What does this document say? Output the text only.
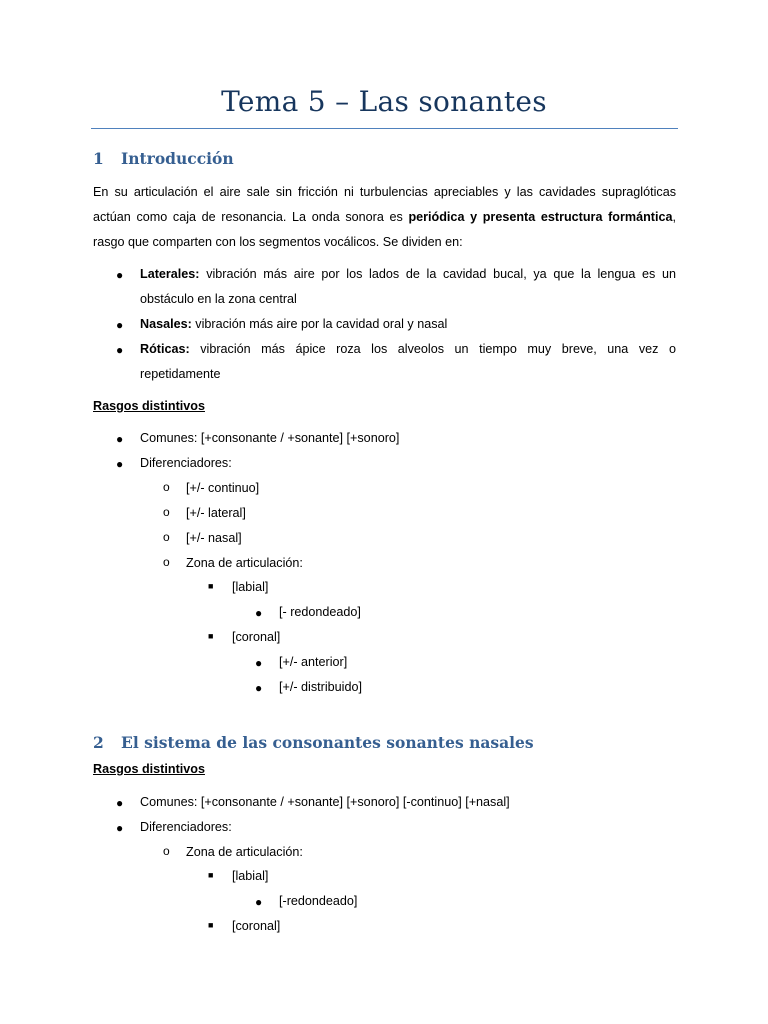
Tema 5 – Las sonantes
1 Introducción
En su articulación el aire sale sin fricción ni turbulencias apreciables y las cavidades supraglóticas
actúan como caja de resonancia. La onda sonora es periódica y presenta estructura formántica,
rasgo que comparten con los segmentos vocálicos. Se dividen en:
● Laterales: vibración más aire por los lados de la cavidad bucal, ya que la lengua es un
obstáculo en la zona central
● Nasales: vibración más aire por la cavidad oral y nasal
● Róticas: vibración más ápice roza los alveolos un tiempo muy breve, una vez o
repetidamente
Rasgos distintivos
● Comunes: [+consonante / +sonante] [+sonoro]
● Diferenciadores:
o [+/- continuo]
o [+/- lateral]
o [+/- nasal]
o Zona de articulación:
■ [labial]
● [- redondeado]
■ [coronal]
● [+/- anterior]
● [+/- distribuido]
2 El sistema de las consonantes sonantes nasales
Rasgos distintivos
● Comunes: [+consonante / +sonante] [+sonoro] [-continuo] [+nasal]
● Diferenciadores:
o Zona de articulación:
■ [labial]
● [-redondeado]
■ [coronal]
